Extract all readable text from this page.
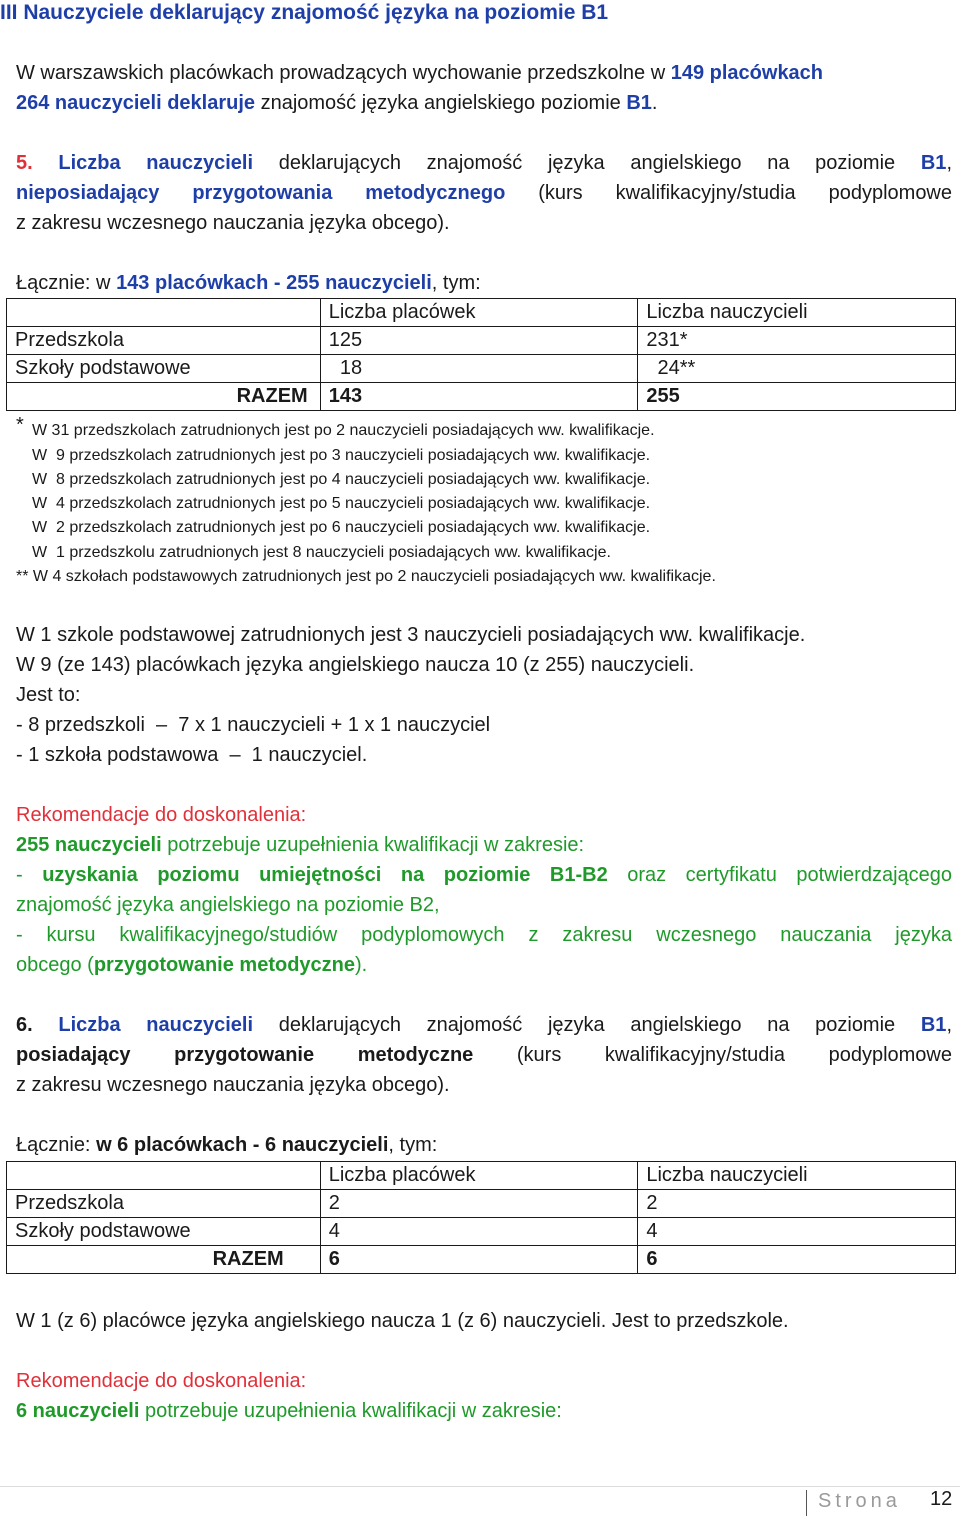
III Nauczyciele deklarujący znajomość języka na poziomie B1
W warszawskich placówkach prowadzących wychowanie przedszkolne w 149 placówkach
264 nauczycieli deklaruje znajomość języka angielskiego poziomie B1.
5. Liczba nauczycieli deklarujących znajomość języka angielskiego na poziomie B1,
nieposiadający przygotowania metodycznego (kurs kwalifikacyjny/studia podyplomowe
z zakresu wczesnego nauczania języka obcego).
Łącznie: w 143 placówkach - 255 nauczycieli, tym:
	Liczba placówek	Liczba nauczycieli
Przedszkola	125	231*
Szkoły podstawowe	18	24**
RAZEM	143	255
* W 31 przedszkolach zatrudnionych jest po 2 nauczycieli posiadających ww. kwalifikacje.
W  9 przedszkolach zatrudnionych jest po 3 nauczycieli posiadających ww. kwalifikacje.
W  8 przedszkolach zatrudnionych jest po 4 nauczycieli posiadających ww. kwalifikacje.
W  4 przedszkolach zatrudnionych jest po 5 nauczycieli posiadających ww. kwalifikacje.
W  2 przedszkolach zatrudnionych jest po 6 nauczycieli posiadających ww. kwalifikacje.
W  1 przedszkolu zatrudnionych jest 8 nauczycieli posiadających ww. kwalifikacje.
** W 4 szkołach podstawowych zatrudnionych jest po 2 nauczycieli posiadających ww. kwalifikacje.
W 1 szkole podstawowej zatrudnionych jest 3 nauczycieli posiadających ww. kwalifikacje.
W 9 (ze 143) placówkach języka angielskiego naucza 10 (z 255) nauczycieli.
Jest to:
- 8 przedszkoli  –  7 x 1 nauczycieli + 1 x 1 nauczyciel
- 1 szkoła podstawowa  –  1 nauczyciel.
Rekomendacje do doskonalenia:
255 nauczycieli potrzebuje uzupełnienia kwalifikacji w zakresie:
- uzyskania poziomu umiejętności na poziomie B1-B2 oraz certyfikatu potwierdzającego
znajomość języka angielskiego na poziomie B2,
- kursu kwalifikacyjnego/studiów podyplomowych z zakresu wczesnego nauczania języka
obcego (przygotowanie metodyczne).
6. Liczba nauczycieli deklarujących znajomość języka angielskiego na poziomie B1,
posiadający przygotowanie metodyczne (kurs kwalifikacyjny/studia podyplomowe
z zakresu wczesnego nauczania języka obcego).
Łącznie: w 6 placówkach - 6 nauczycieli, tym:
	Liczba placówek	Liczba nauczycieli
Przedszkola	2	2
Szkoły podstawowe	4	4
RAZEM	6	6
W 1 (z 6) placówce języka angielskiego naucza 1 (z 6) nauczycieli. Jest to przedszkole.
Rekomendacje do doskonalenia:
6 nauczycieli potrzebuje uzupełnienia kwalifikacji w zakresie:
Strona 12
